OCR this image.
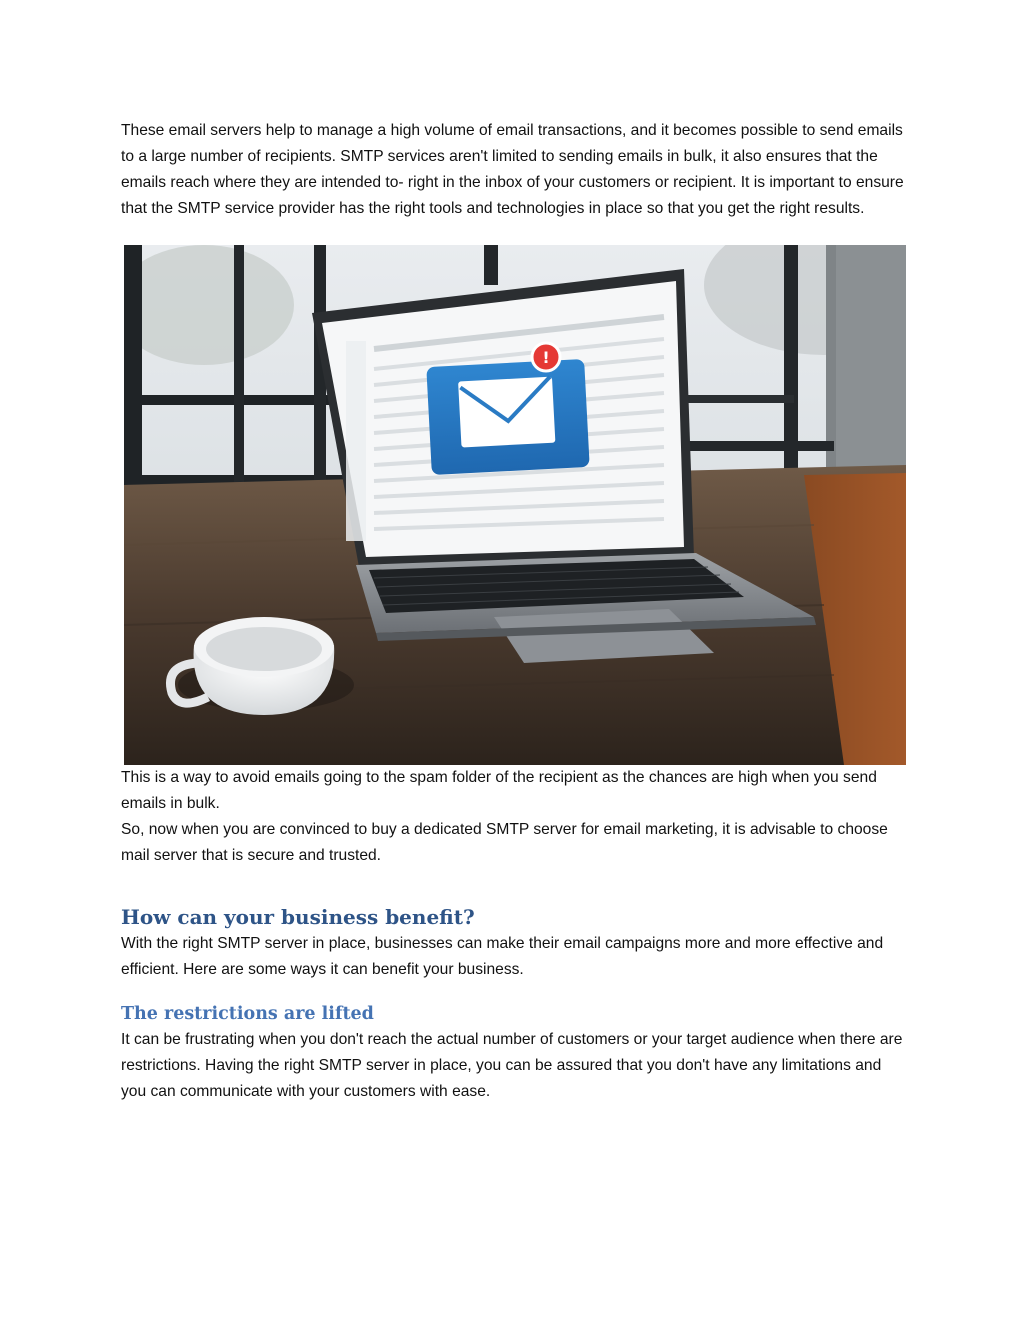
These email servers help to manage a high volume of email transactions, and it becomes possible to send emails to a large number of recipients. SMTP services aren't limited to sending emails in bulk, it also ensures that the emails reach where they are intended to- right in the inbox of your customers or recipient. It is important to ensure that the SMTP service provider has the right tools and technologies in place so that you get the right results.

!

This is a way to avoid emails going to the spam folder of the recipient as the chances are high when you send emails in bulk.

So, now when you are convinced to buy a dedicated SMTP server for email marketing, it is advisable to choose mail server that is secure and trusted.

How can your business benefit?

With the right SMTP server in place, businesses can make their email campaigns more and more effective and efficient. Here are some ways it can benefit your business.

The restrictions are lifted

It can be frustrating when you don't reach the actual number of customers or your target audience when there are restrictions. Having the right SMTP server in place, you can be assured that you don't have any limitations and you can communicate with your customers with ease.
